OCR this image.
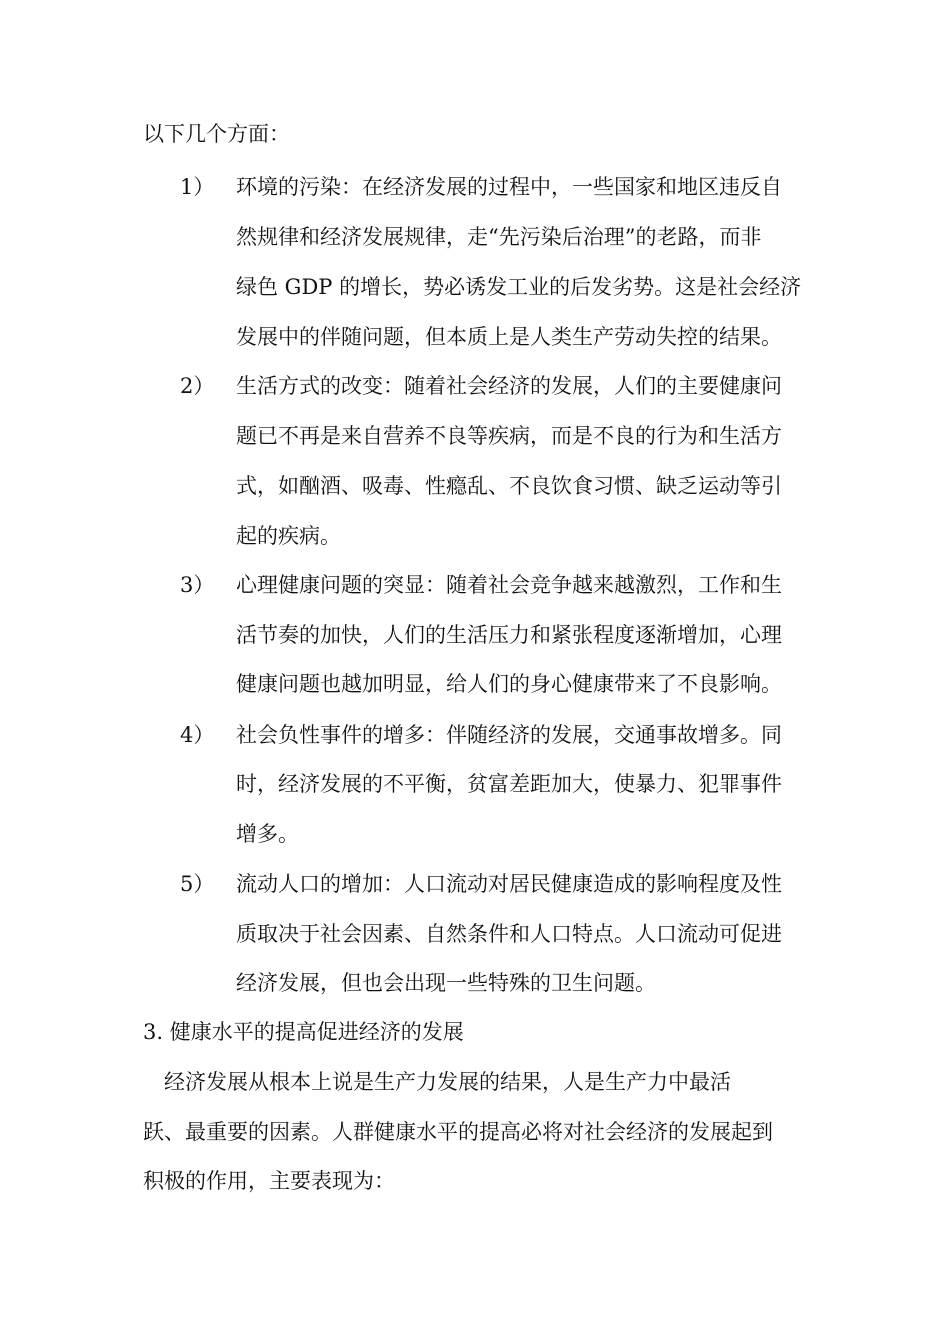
以下几个方面：
1） 环境的污染：在经济发展的过程中，一些国家和地区违反自
然规律和经济发展规律，走“先污染后治理”的老路，而非
绿色 GDP 的增长，势必诱发工业的后发劣势。这是社会经济
发展中的伴随问题，但本质上是人类生产劳动失控的结果。
2） 生活方式的改变：随着社会经济的发展，人们的主要健康问
题已不再是来自营养不良等疾病，而是不良的行为和生活方
式，如酗酒、吸毒、性瘾乱、不良饮食习惯、缺乏运动等引
起的疾病。
3） 心理健康问题的突显：随着社会竞争越来越激烈，工作和生
活节奏的加快，人们的生活压力和紧张程度逐渐增加，心理
健康问题也越加明显，给人们的身心健康带来了不良影响。
4） 社会负性事件的增多：伴随经济的发展，交通事故增多。同
时，经济发展的不平衡，贫富差距加大，使暴力、犯罪事件
增多。
5） 流动人口的增加：人口流动对居民健康造成的影响程度及性
质取决于社会因素、自然条件和人口特点。人口流动可促进
经济发展，但也会出现一些特殊的卫生问题。
3. 健康水平的提高促进经济的发展
　经济发展从根本上说是生产力发展的结果，人是生产力中最活
跃、最重要的因素。人群健康水平的提高必将对社会经济的发展起到
积极的作用，主要表现为：
